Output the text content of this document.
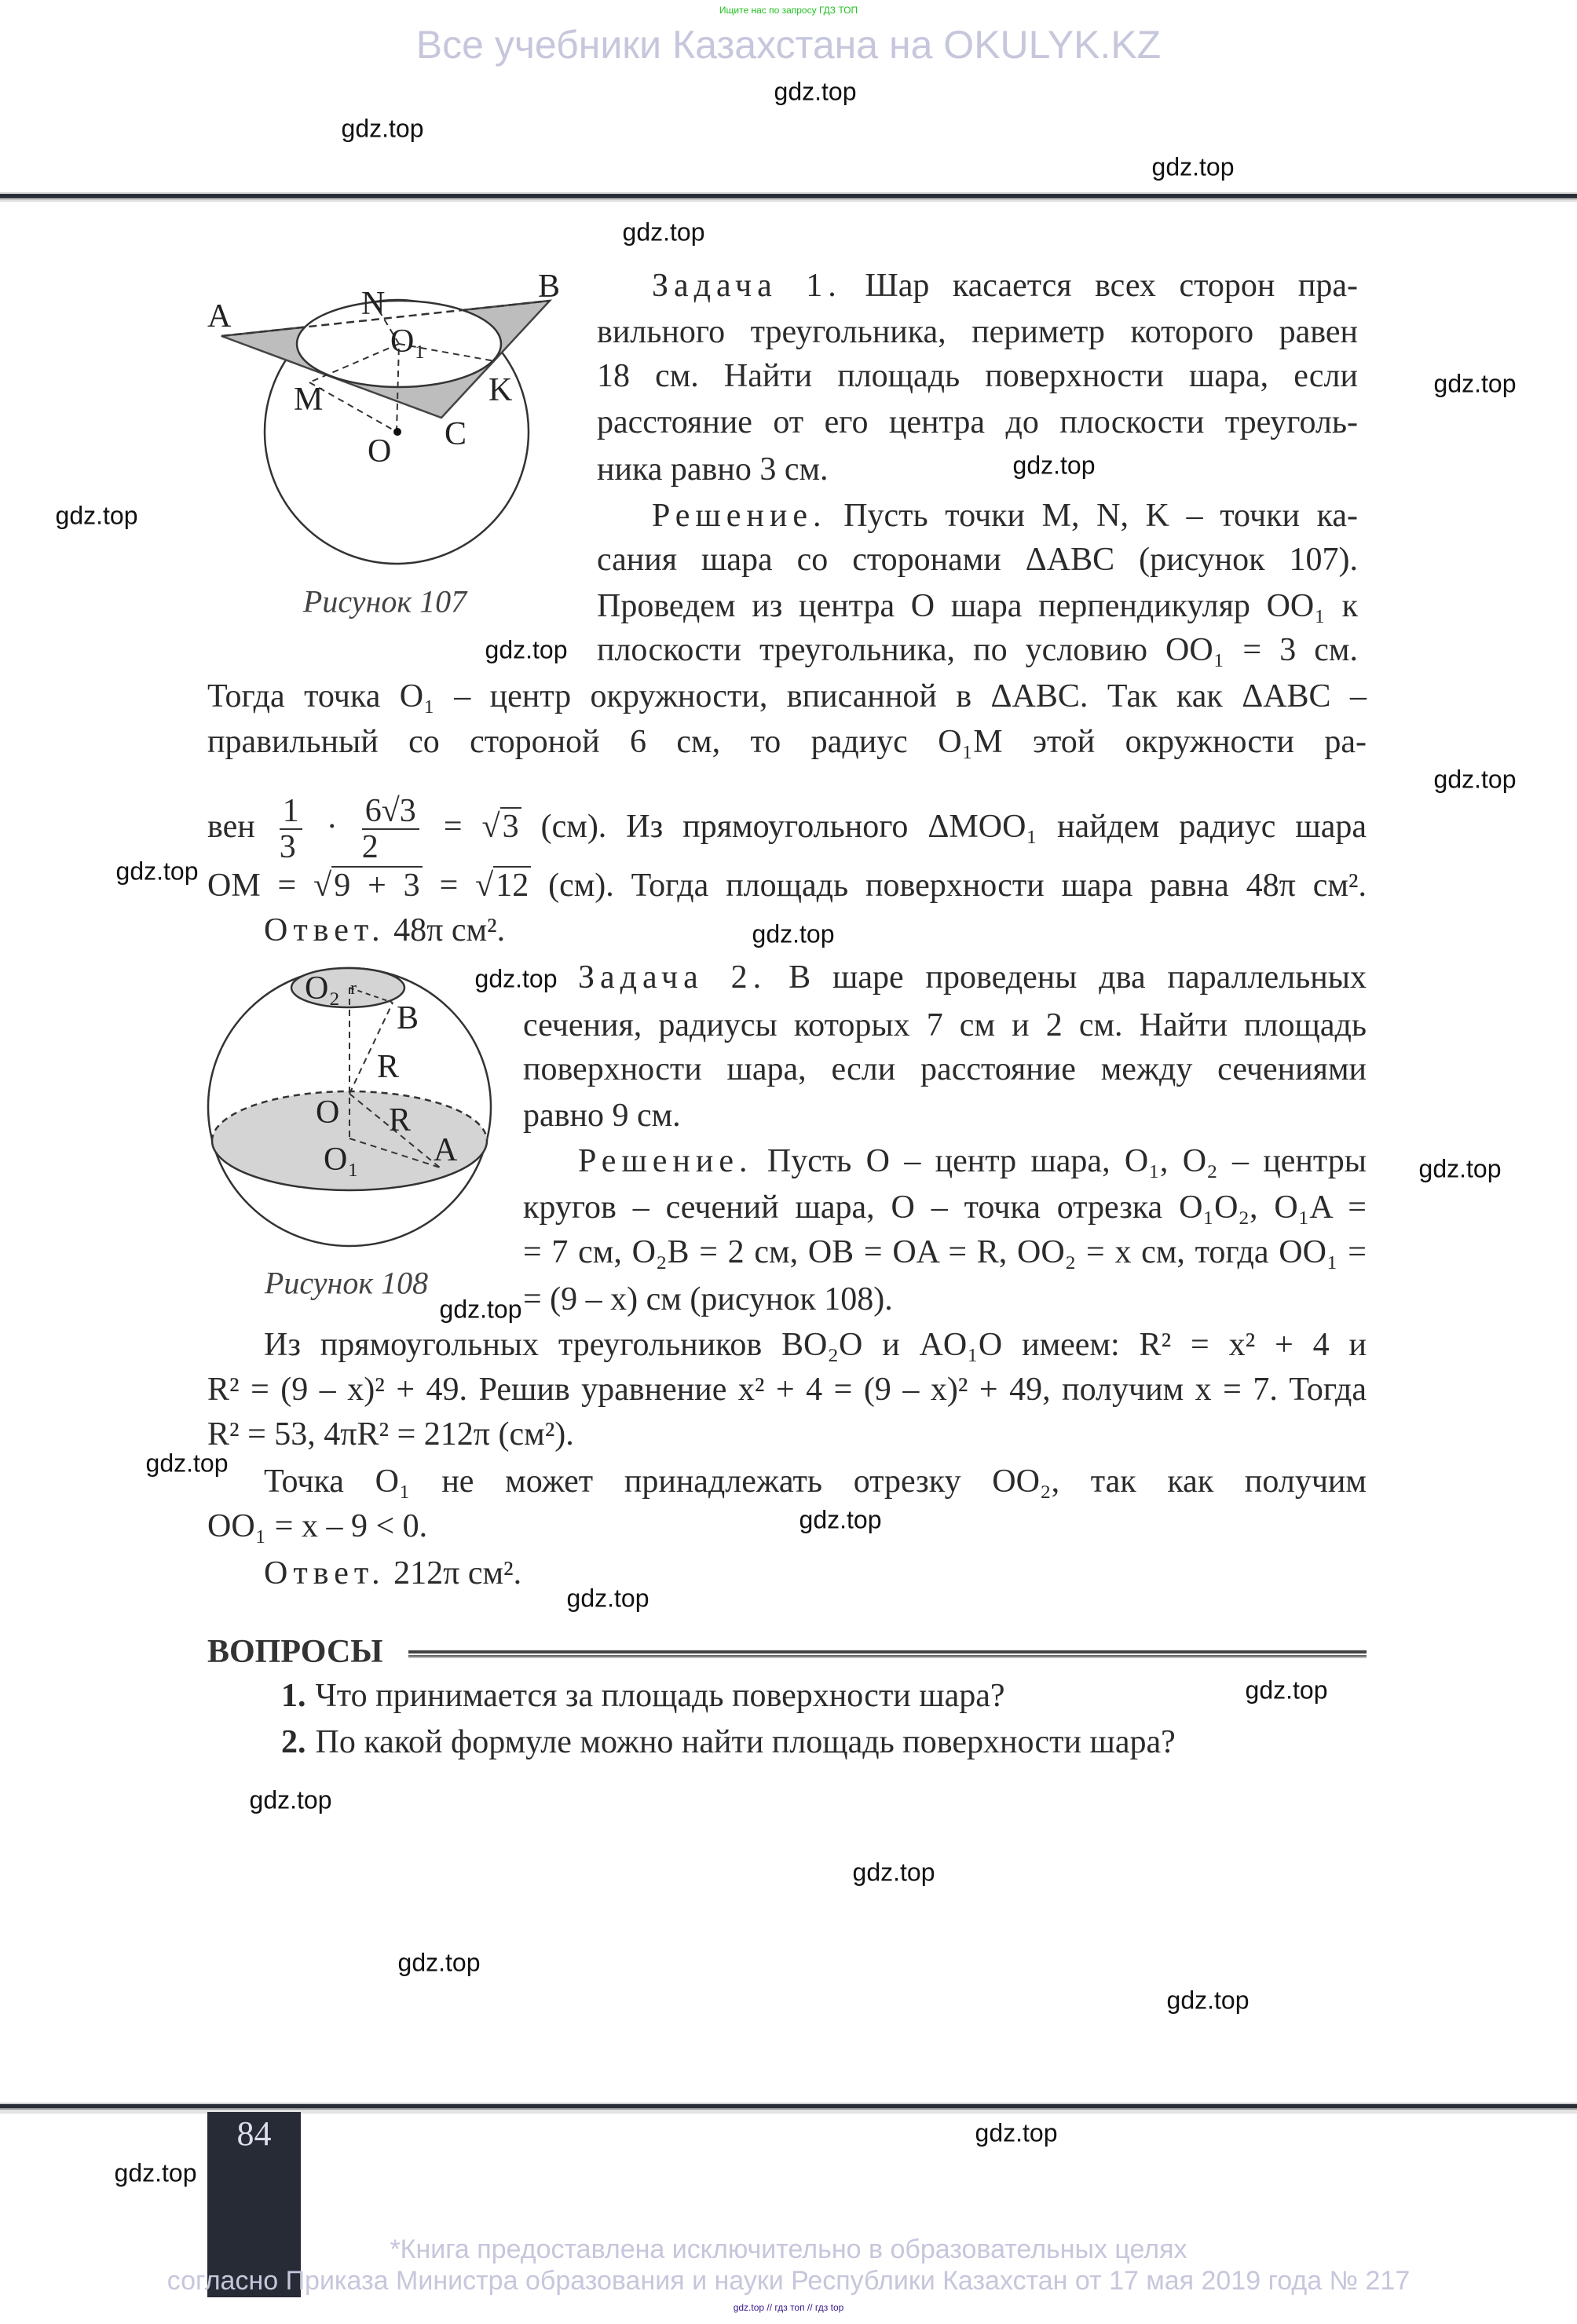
Ищите нас по запросу ГДЗ ТОП
Все учебники Казахстана на OKULYK.KZ
A
B
N
O₁
M	K
O C
Рисунок 107
Задача 1. Шар касается всех сторон пра-
вильного треугольника, периметр которого равен
18 см. Найти площадь поверхности шара, если
расстояние от его центра до плоскости треуголь-
ника равно 3 см.
Решение. Пусть точки M, N, K – точки ка-
сания шара со сторонами ΔABC (рисунок 107).
Проведем из центра O шара перпендикуляр OO₁ к
плоскости треугольника, по условию OO₁ = 3 см.
Тогда точка O₁ – центр окружности, вписанной в ΔABC. Так как ΔABC –
правильный со стороной 6 см, то радиус O₁M этой окружности ра-
вен $\frac{1}{3} \cdot \frac{6√3}{2} = √3$ (см). Из прямоугольного ΔMOO₁ найдем радиус шара
OM = √9 + 3 = √12 (см). Тогда площадь поверхности шара равна 48π см².
Ответ. 48π см².
O₂ r
B
R
O R
O₁ A
Рисунок 108
Задача 2. В шаре проведены два параллельных
сечения, радиусы которых 7 см и 2 см. Найти площадь
поверхности шара, если расстояние между сечениями
равно 9 см.
Решение. Пусть O – центр шара, O₁, O₂ – центры
кругов – сечений шара, O – точка отрезка O₁O₂, O₁A =
= 7 см, O₂B = 2 см, OB = OA = R, OO₂ = x см, тогда OO₁ =
= (9 – x) см (рисунок 108).
Из прямоугольных треугольников BO₂O и AO₁O имеем: R² = x² + 4 и
R² = (9 – x)² + 49. Решив уравнение x² + 4 = (9 – x)² + 49, получим x = 7. Тогда
R² = 53, 4πR² = 212π (см²).
Точка O₁ не может принадлежать отрезку OO₂, так как получим
OO₁ = x – 9 < 0.
Ответ. 212π см².
ВОПРОСЫ
1. Что принимается за площадь поверхности шара?
2. По какой формуле можно найти площадь поверхности шара?
84
*Книга предоставлена исключительно в образовательных целях
согласно Приказа Министра образования и науки Республики Казахстан от 17 мая 2019 года № 217
gdz.top // гдз топ // гдз top
gdz.top
gdz.top
gdz.top
gdz.top
gdz.top
gdz.top
gdz.top
gdz.top
gdz.top
gdz.top
gdz.top
gdz.top
gdz.top
gdz.top
gdz.top
gdz.top
gdz.top
gdz.top
gdz.top
gdz.top
gdz.top
gdz.top
gdz.top
gdz.top
